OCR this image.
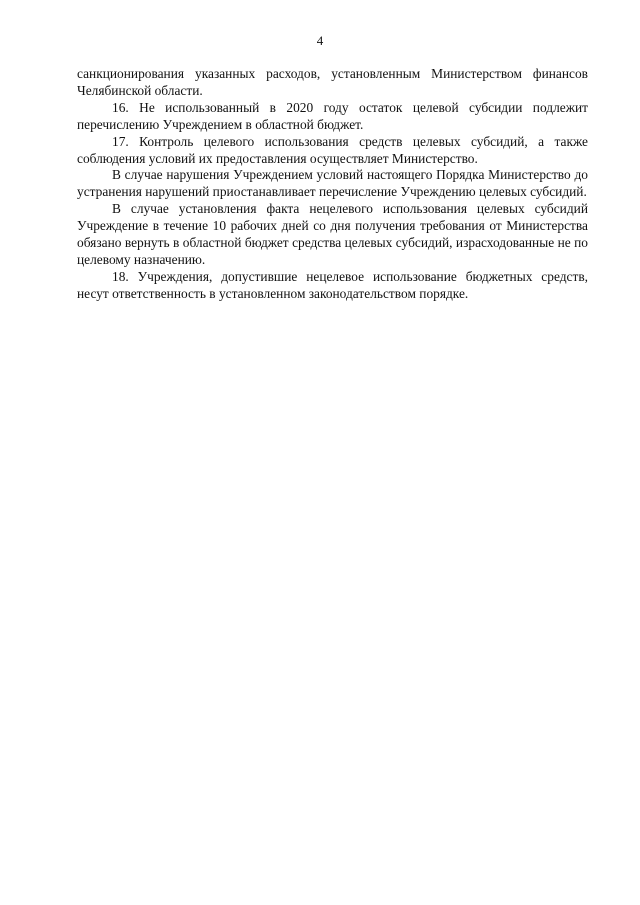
4

санкционирования указанных расходов, установленным Министерством финансов Челябинской области.

16. Не использованный в 2020 году остаток целевой субсидии подлежит перечислению Учреждением в областной бюджет.

17. Контроль целевого использования средств целевых субсидий, а также соблюдения условий их предоставления осуществляет Министерство.

В случае нарушения Учреждением условий настоящего Порядка Министерство до устранения нарушений приостанавливает перечисление Учреждению целевых субсидий.

В случае установления факта нецелевого использования целевых субсидий Учреждение в течение 10 рабочих дней со дня получения требования от Министерства обязано вернуть в областной бюджет средства целевых субсидий, израсходованные не по целевому назначению.

18. Учреждения, допустившие нецелевое использование бюджетных средств, несут ответственность в установленном законодательством порядке.
